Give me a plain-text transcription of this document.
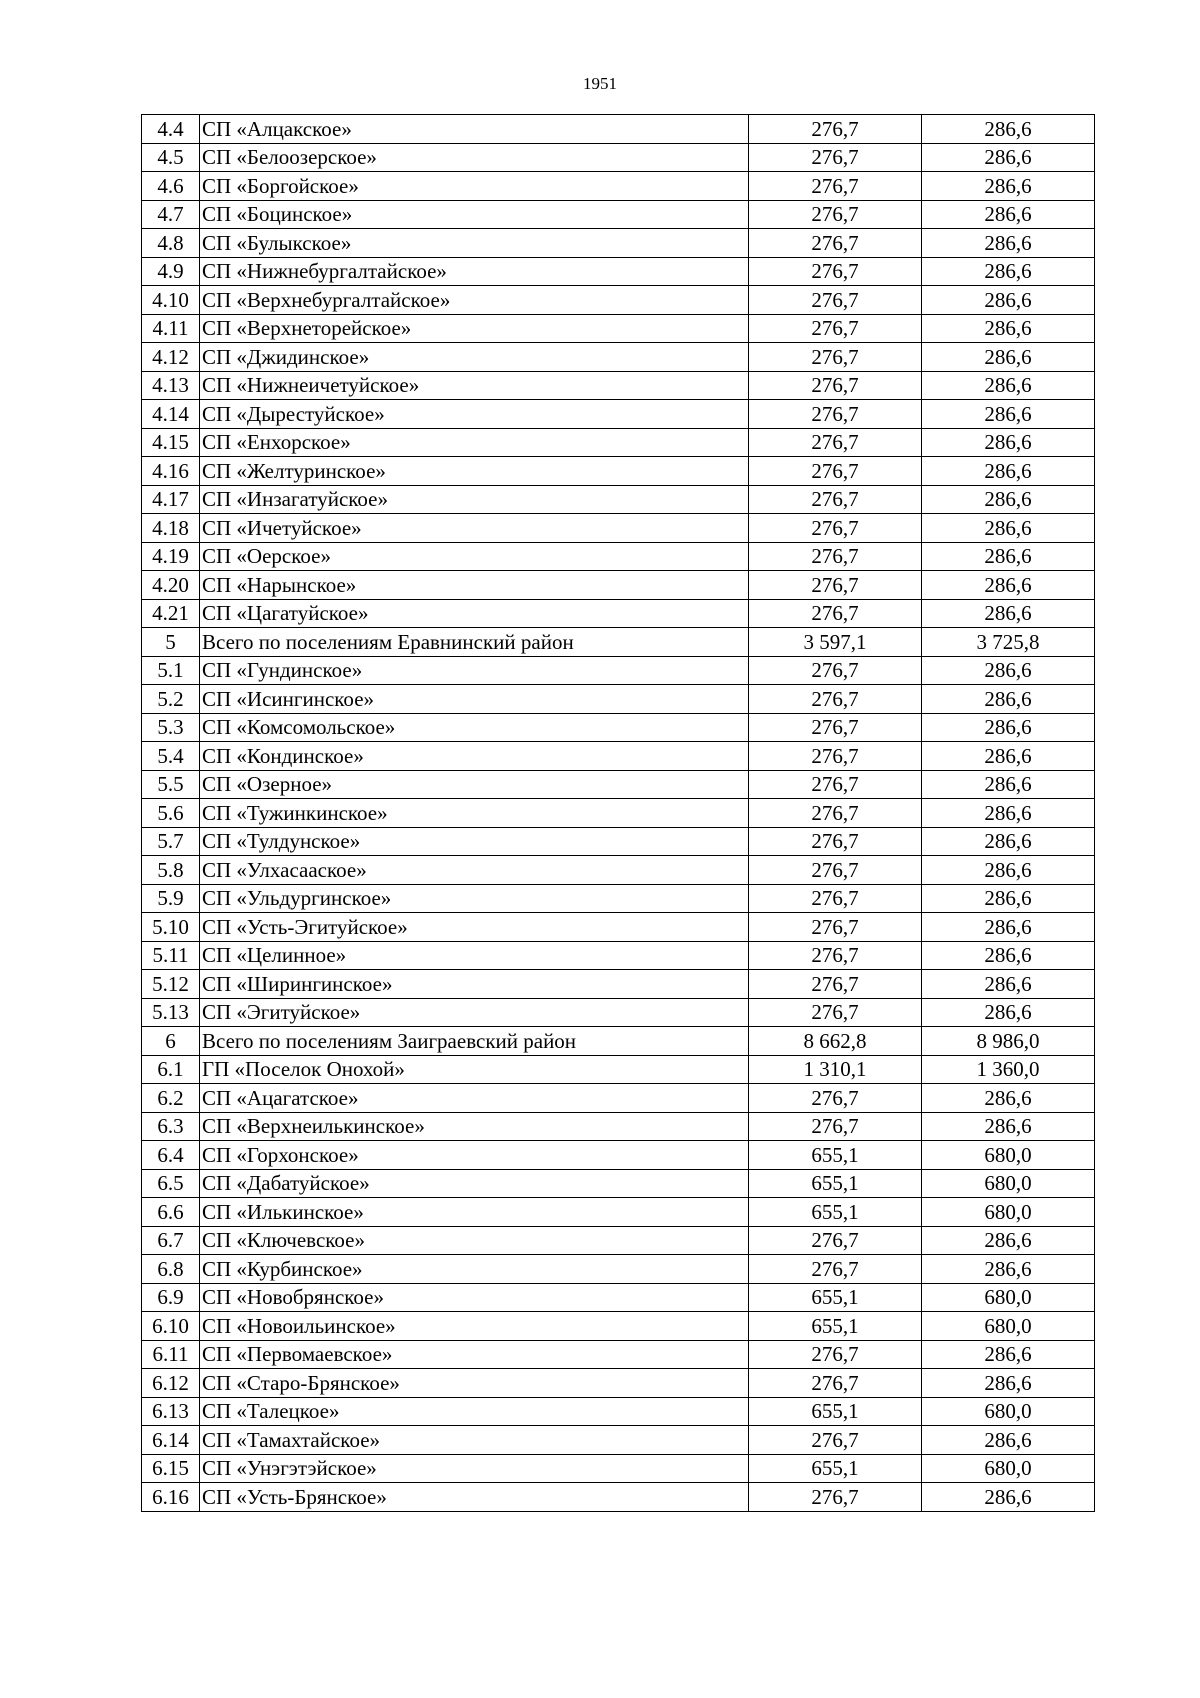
1951
4.4	СП «Алцакское»	276,7	286,6
4.5	СП «Белоозерское»	276,7	286,6
4.6	СП «Боргойское»	276,7	286,6
4.7	СП «Боцинское»	276,7	286,6
4.8	СП «Булыкское»	276,7	286,6
4.9	СП «Нижнебургалтайское»	276,7	286,6
4.10	СП «Верхнебургалтайское»	276,7	286,6
4.11	СП «Верхнеторейское»	276,7	286,6
4.12	СП «Джидинское»	276,7	286,6
4.13	СП «Нижнеичетуйское»	276,7	286,6
4.14	СП «Дырестуйское»	276,7	286,6
4.15	СП «Енхорское»	276,7	286,6
4.16	СП «Желтуринское»	276,7	286,6
4.17	СП «Инзагатуйское»	276,7	286,6
4.18	СП «Ичетуйское»	276,7	286,6
4.19	СП «Оерское»	276,7	286,6
4.20	СП «Нарынское»	276,7	286,6
4.21	СП «Цагатуйское»	276,7	286,6
5	Всего по поселениям Еравнинский район	3 597,1	3 725,8
5.1	СП «Гундинское»	276,7	286,6
5.2	СП «Исингинское»	276,7	286,6
5.3	СП «Комсомольское»	276,7	286,6
5.4	СП «Кондинское»	276,7	286,6
5.5	СП «Озерное»	276,7	286,6
5.6	СП «Тужинкинское»	276,7	286,6
5.7	СП «Тулдунское»	276,7	286,6
5.8	СП «Улхасаaское»	276,7	286,6
5.9	СП «Ульдургинское»	276,7	286,6
5.10	СП «Усть-Эгитуйское»	276,7	286,6
5.11	СП «Целинное»	276,7	286,6
5.12	СП «Ширингинское»	276,7	286,6
5.13	СП «Эгитуйское»	276,7	286,6
6	Всего по поселениям Заиграевский район	8 662,8	8 986,0
6.1	ГП «Поселок Онохой»	1 310,1	1 360,0
6.2	СП «Ацагатское»	276,7	286,6
6.3	СП «Верхнеилькинское»	276,7	286,6
6.4	СП «Горхонское»	655,1	680,0
6.5	СП «Дабатуйское»	655,1	680,0
6.6	СП «Илькинское»	655,1	680,0
6.7	СП «Ключевское»	276,7	286,6
6.8	СП «Курбинское»	276,7	286,6
6.9	СП «Новобрянское»	655,1	680,0
6.10	СП «Новоильинское»	655,1	680,0
6.11	СП «Первомаевское»	276,7	286,6
6.12	СП «Старо-Брянское»	276,7	286,6
6.13	СП «Талецкое»	655,1	680,0
6.14	СП «Тамахтайское»	276,7	286,6
6.15	СП «Унэгэтэйское»	655,1	680,0
6.16	СП «Усть-Брянское»	276,7	286,6
